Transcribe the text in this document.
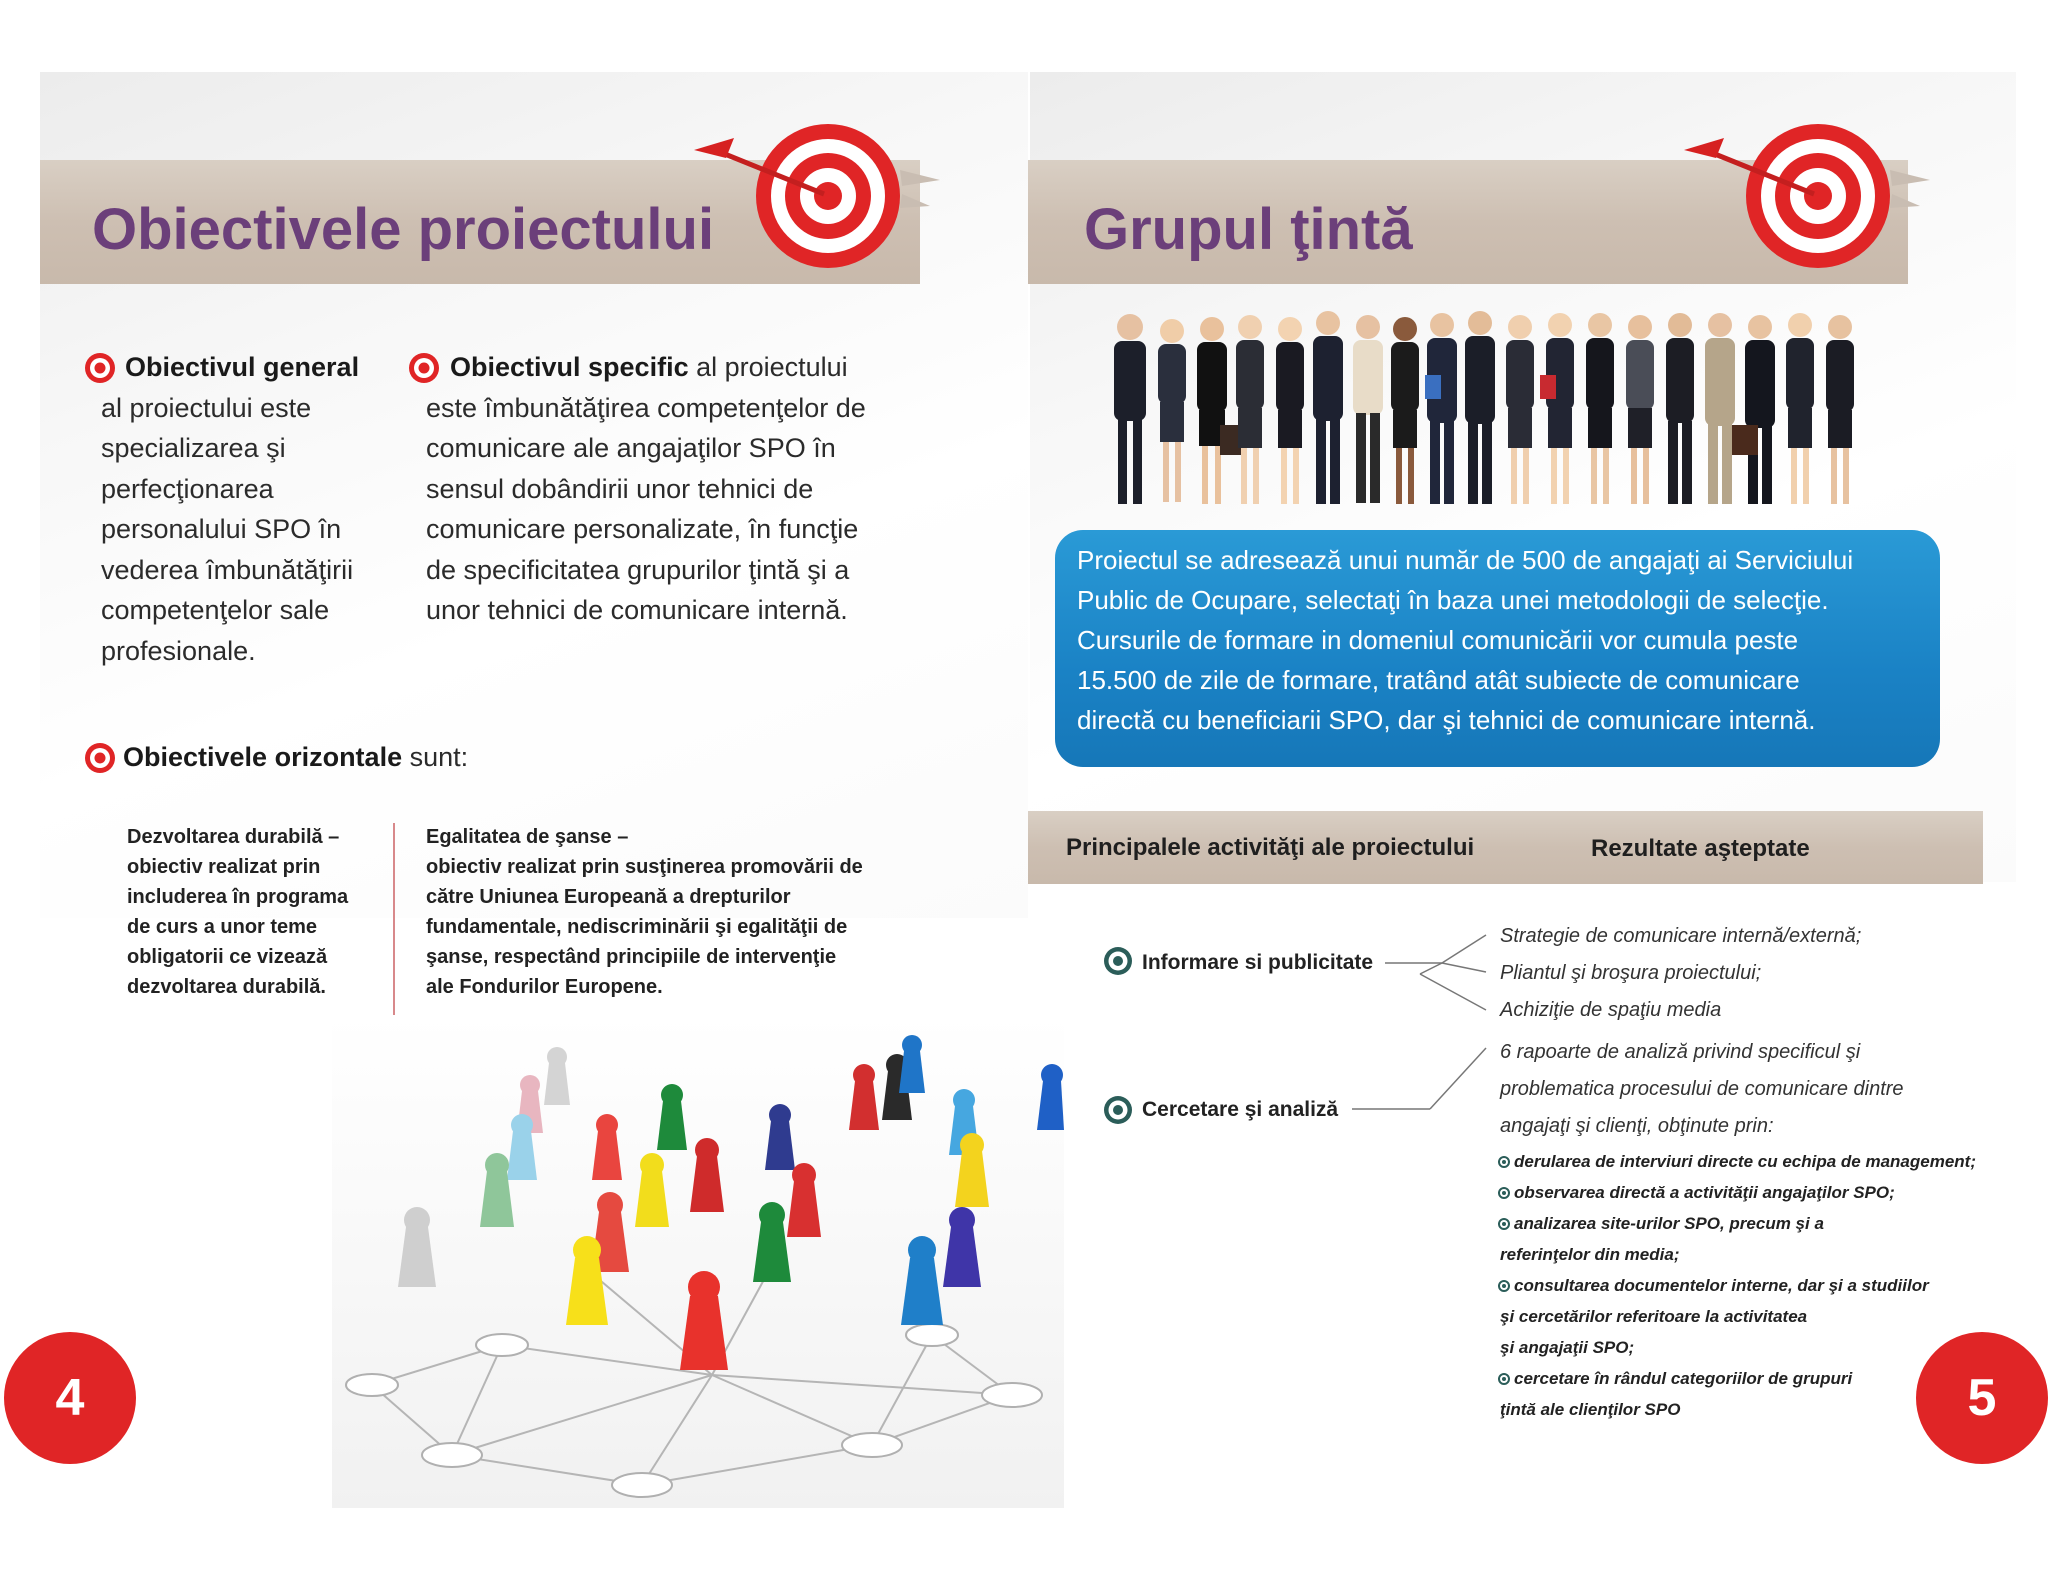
Obiectivele proiectului
Obiectivul general
al proiectului este
specializarea şi
perfecţionarea
personalului SPO în
vederea îmbunătăţirii
competenţelor sale
profesionale.
Obiectivul specific al proiectului
este îmbunătăţirea competenţelor de
comunicare ale angajaţilor SPO în
sensul dobândirii unor tehnici de
comunicare personalizate, în funcţie
de specificitatea grupurilor ţintă şi a
unor tehnici de comunicare internă.
Obiectivele orizontale sunt:
Dezvoltarea durabilă –
obiectiv realizat prin
includerea în programa
de curs a unor teme
obligatorii ce vizează
dezvoltarea durabilă.
Egalitatea de şanse –
obiectiv realizat prin susţinerea promovării de
către Uniunea Europeană a drepturilor
fundamentale, nediscriminării şi egalităţii de
şanse, respectând principiile de intervenţie
ale Fondurilor Europene.
4
Grupul ţintă
Proiectul se adresează unui număr de 500 de angajaţi ai Serviciului
Public de Ocupare, selectaţi în baza unei metodologii de selecţie.
Cursurile de formare in domeniul comunicării vor cumula peste
15.500 de zile de formare, tratând atât subiecte de comunicare
directă cu beneficiarii SPO, dar şi tehnici de comunicare internă.
Principalele activităţi ale proiectului	Rezultate aşteptate
Informare si publicitate
Cercetare şi analiză
Strategie de comunicare internă/externă;
Pliantul şi broşura proiectului;
Achiziţie de spaţiu media
6 rapoarte de analiză privind specificul şi
problematica procesului de comunicare dintre
angajaţi şi clienţi, obţinute prin:
derularea de interviuri directe cu echipa de management;
observarea directă a activităţii angajaţilor SPO;
analizarea site-urilor SPO, precum şi a
referinţelor din media;
consultarea documentelor interne, dar şi a studiilor
şi cercetărilor referitoare la activitatea
şi angajaţii SPO;
cercetare în rândul categoriilor de grupuri
ţintă ale clienţilor SPO	5
